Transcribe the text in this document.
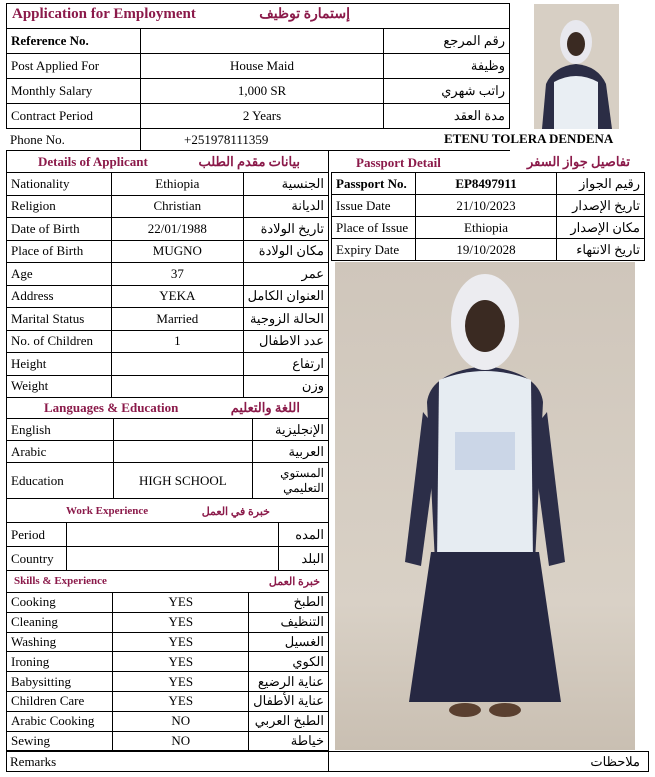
Application for Employment	إستمارة توظيف
Reference No.		رقم المرجع
Post Applied For	House Maid	وظيفة
Monthly Salary	1,000 SR	راتب شهري
Contract Period	2 Years	مدة العقد
Phone No.	+251978111359	ETENU TOLERA DENDENA
Details of Applicant	بيانات مقدم الطلب
Nationality	Ethiopia	الجنسية
Religion	Christian	الديانة
Date of Birth	22/01/1988	تاريخ الولادة
Place of Birth	MUGNO	مكان الولادة
Age	37	عمر
Address	YEKA	العنوان الكامل
Marital Status	Married	الحالة الزوجية
No. of Children	1	عدد الاطفال
Height		ارتفاع
Weight		وزن
Languages & Education	اللغة والتعليم
English		الإنجليزية
Arabic		العربية
Education	HIGH SCHOOL	المستوي التعليمي
Work Experience	خبرة في العمل
Period		المده
Country		البلد
Skills & Experience	خبرة العمل
Cooking	YES	الطبخ
Cleaning	YES	التنظيف
Washing	YES	الغسيل
Ironing	YES	الكوي
Babysitting	YES	عناية الرضيع
Children Care	YES	عناية الأطفال
Arabic Cooking	NO	الطبخ العربي
Sewing	NO	خياطة
Remarks	ملاحظات
Passport Detail	تفاصيل جواز السفر
Passport No.	EP8497911	رقيم الجواز
Issue Date	21/10/2023	تاريخ الإصدار
Place of Issue	Ethiopia	مكان الإصدار
Expiry Date	19/10/2028	تاريخ الانتهاء
